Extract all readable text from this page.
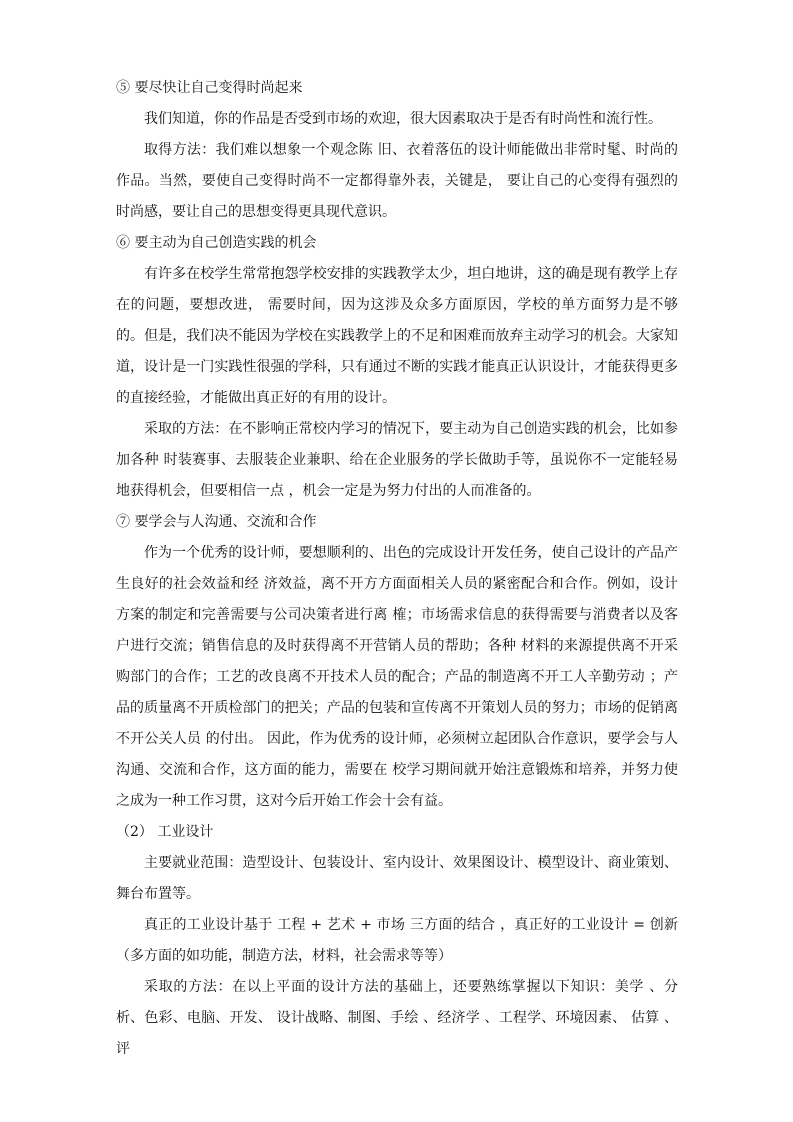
⑤ 要尽快让自己变得时尚起来

我们知道，你的作品是否受到市场的欢迎，很大因素取决于是否有时尚性和流行性。

取得方法：我们难以想象一个观念陈 旧、衣着落伍的设计师能做出非常时髦、时尚的作品。当然，要使自己变得时尚不一定都得靠外表，关键是， 要让自己的心变得有强烈的时尚感，要让自己的思想变得更具现代意识。

⑥ 要主动为自己创造实践的机会

有许多在校学生常常抱怨学校安排的实践教学太少，坦白地讲，这的确是现有教学上存在的问题，要想改进， 需要时间，因为这涉及众多方面原因，学校的单方面努力是不够的。但是，我们决不能因为学校在实践教学上的不足和困难而放弃主动学习的机会。大家知道，设计是一门实践性很强的学科，只有通过不断的实践才能真正认识设计，才能获得更多的直接经验，才能做出真正好的有用的设计。

采取的方法：在不影响正常校内学习的情况下，要主动为自己创造实践的机会，比如参加各种 时装赛事、去服装企业兼职、给在企业服务的学长做助手等，虽说你不一定能轻易地获得机会，但要相信一点 ，机会一定是为努力付出的人而准备的。

⑦ 要学会与人沟通、交流和合作

作为一个优秀的设计师，要想顺利的、出色的完成设计开发任务，使自己设计的产品产生良好的社会效益和经 济效益，离不开方方面面相关人员的紧密配合和合作。例如，设计方案的制定和完善需要与公司决策者进行离 榷；市场需求信息的获得需要与消费者以及客户进行交流；销售信息的及时获得离不开营销人员的帮助；各种 材料的来源提供离不开采购部门的合作；工艺的改良离不开技术人员的配合；产品的制造离不开工人辛勤劳动 ；产品的质量离不开质检部门的把关；产品的包装和宣传离不开策划人员的努力；市场的促销离不开公关人员 的付出。 因此，作为优秀的设计师，必须树立起团队合作意识，要学会与人沟通、交流和合作，这方面的能力，需要在 校学习期间就开始注意锻炼和培养，并努力使之成为一种工作习贯，这对今后开始工作会十会有益。

（2） 工业设计

主要就业范围：造型设计、包装设计、室内设计、效果图设计、模型设计、商业策划、舞台布置等。

真正的工业设计基于 工程 + 艺术 + 市场 三方面的结合 ，真正好的工业设计 = 创新（多方面的如功能，制造方法，材料，社会需求等等）

采取的方法：在以上平面的设计方法的基础上，还要熟练掌握以下知识：美学 、分析、色彩、电脑、开发、 设计战略、制图、手绘 、经济学 、工程学、环境因素、 估算 、评
